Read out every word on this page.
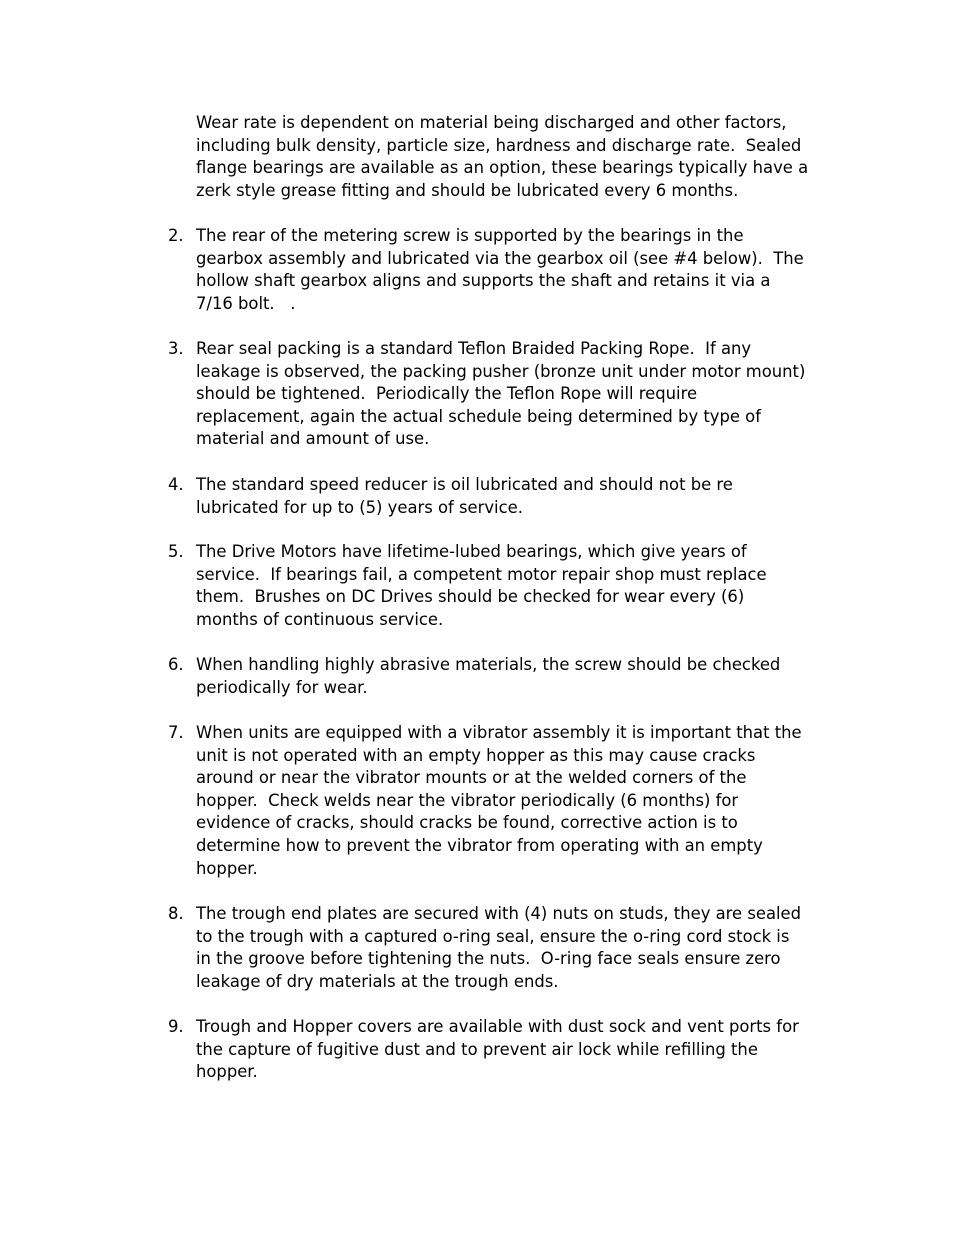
Wear rate is dependent on material being discharged and other factors,
including bulk density, particle size, hardness and discharge rate.  Sealed
flange bearings are available as an option, these bearings typically have a
zerk style grease fitting and should be lubricated every 6 months.
2. The rear of the metering screw is supported by the bearings in the
gearbox assembly and lubricated via the gearbox oil (see #4 below).  The
hollow shaft gearbox aligns and supports the shaft and retains it via a
7/16 bolt.   .
3. Rear seal packing is a standard Teflon Braided Packing Rope.  If any
leakage is observed, the packing pusher (bronze unit under motor mount)
should be tightened.  Periodically the Teflon Rope will require
replacement, again the actual schedule being determined by type of
material and amount of use.
4. The standard speed reducer is oil lubricated and should not be re
lubricated for up to (5) years of service.
5. The Drive Motors have lifetime-lubed bearings, which give years of
service.  If bearings fail, a competent motor repair shop must replace
them.  Brushes on DC Drives should be checked for wear every (6)
months of continuous service.
6. When handling highly abrasive materials, the screw should be checked
periodically for wear.
7. When units are equipped with a vibrator assembly it is important that the
unit is not operated with an empty hopper as this may cause cracks
around or near the vibrator mounts or at the welded corners of the
hopper.  Check welds near the vibrator periodically (6 months) for
evidence of cracks, should cracks be found, corrective action is to
determine how to prevent the vibrator from operating with an empty
hopper.
8. The trough end plates are secured with (4) nuts on studs, they are sealed
to the trough with a captured o-ring seal, ensure the o-ring cord stock is
in the groove before tightening the nuts.  O-ring face seals ensure zero
leakage of dry materials at the trough ends.
9. Trough and Hopper covers are available with dust sock and vent ports for
the capture of fugitive dust and to prevent air lock while refilling the
hopper.
